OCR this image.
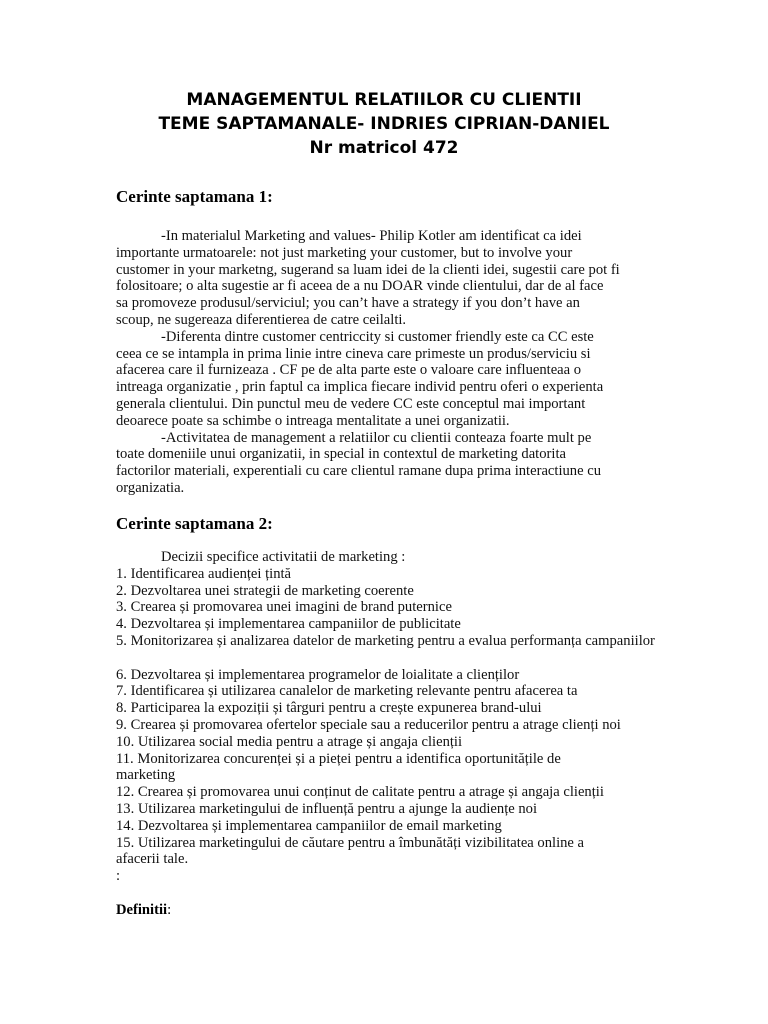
MANAGEMENTUL RELATIILOR CU CLIENTII
TEME SAPTAMANALE- INDRIES CIPRIAN-DANIEL
Nr matricol 472
Cerinte saptamana 1:
-In materialul Marketing and values- Philip Kotler am identificat ca idei
importante urmatoarele: not just marketing your customer, but to involve your
customer in your marketng, sugerand sa luam idei de la clienti idei, sugestii care pot fi
folositoare; o alta sugestie ar fi aceea de a nu DOAR vinde clientului, dar de al face
sa promoveze produsul/serviciul; you can’t have a strategy if you don’t have an
scoup, ne sugereaza diferentierea de catre ceilalti.
-Diferenta dintre customer centriccity si customer friendly este ca CC este
ceea ce se intampla in prima linie intre cineva care primeste un produs/serviciu si
afacerea care il furnizeaza . CF pe de alta parte este o valoare care influenteaa o
intreaga organizatie , prin faptul ca implica fiecare individ pentru oferi o experienta
generala clientului. Din punctul meu de vedere CC este conceptul mai important
deoarece poate sa schimbe o intreaga mentalitate a unei organizatii.
-Activitatea de management a relatiilor cu clientii conteaza foarte mult pe
toate domeniile unui organizatii, in special in contextul de marketing datorita
factorilor materiali, experentiali cu care clientul ramane dupa prima interactiune cu
organizatia.
Cerinte saptamana 2:
Decizii specifice activitatii de marketing :
1. Identificarea audienței țintă
2. Dezvoltarea unei strategii de marketing coerente
3. Crearea și promovarea unei imagini de brand puternice
4. Dezvoltarea și implementarea campaniilor de publicitate
5. Monitorizarea și analizarea datelor de marketing pentru a evalua performanța campaniilor
6. Dezvoltarea și implementarea programelor de loialitate a clienților
7. Identificarea și utilizarea canalelor de marketing relevante pentru afacerea ta
8. Participarea la expoziții și târguri pentru a crește expunerea brand-ului
9. Crearea și promovarea ofertelor speciale sau a reducerilor pentru a atrage clienți noi
10. Utilizarea social media pentru a atrage și angaja clienții
11. Monitorizarea concurenței și a pieței pentru a identifica oportunitățile de marketing
12. Crearea și promovarea unui conținut de calitate pentru a atrage și angaja clienții
13. Utilizarea marketingului de influență pentru a ajunge la audiențe noi
14. Dezvoltarea și implementarea campaniilor de email marketing
15. Utilizarea marketingului de căutare pentru a îmbunătăți vizibilitatea online a afacerii tale.
:
Definitii:
